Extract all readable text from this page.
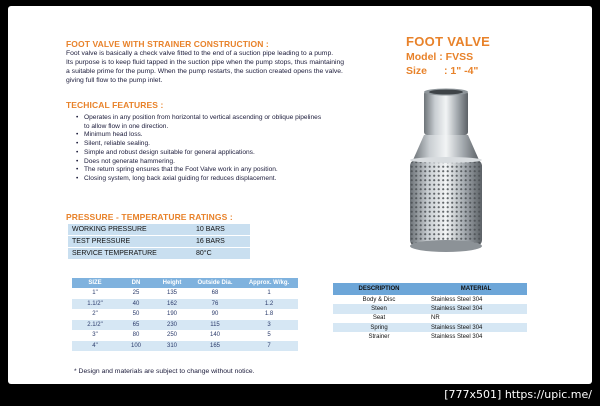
FOOT VALVE WITH STRAINER CONSTRUCTION :
Foot valve is basically a check valve fitted to the end of a suction pipe leading to a pump.
Its purpose is to keep fluid tapped in the suction pipe when the pump stops, thus maintaining
a suitable prime for the pump. When the pump restarts, the suction created opens the valve.
giving full flow to the pump inlet.
TECHICAL FEATURES :
• Operates in any position from horizontal to vertical ascending or oblique pipelines
to allow flow in one direction.
• Minimum head loss.
• Silent, reliable sealing.
• Simple and robust design suitable for general applications.
• Does not generate hammering.
• The return spring ensures that the Foot Valve work in any position.
• Closing system, long back axial guiding for reduces displacement.
FOOT VALVE
Model : FVSS
Size : 1" -4"
PRESSURE - TEMPERATURE RATINGS :
WORKING PRESSURE	10 BARS
TEST PRESSURE	16 BARS
SERVICE TEMPERATURE	80°C
SIZE	DN	Height	Outside Dia.	Approx. W/kg.
1"	25	135	68	1
1.1/2"	40	162	76	1.2
2"	50	190	90	1.8
2.1/2"	65	230	115	3
3"	80	250	140	5
4"	100	310	165	7
DESCRIPTION	MATERIAL
Body & Disc	Stainless Steel 304
Steen	Stainless Steel 304
Seat	NR
Spring	Stainless Steel 304
Strainer	Stainless Steel 304
* Design and materials are subject to change without notice.
[777x501] https://upic.me/
